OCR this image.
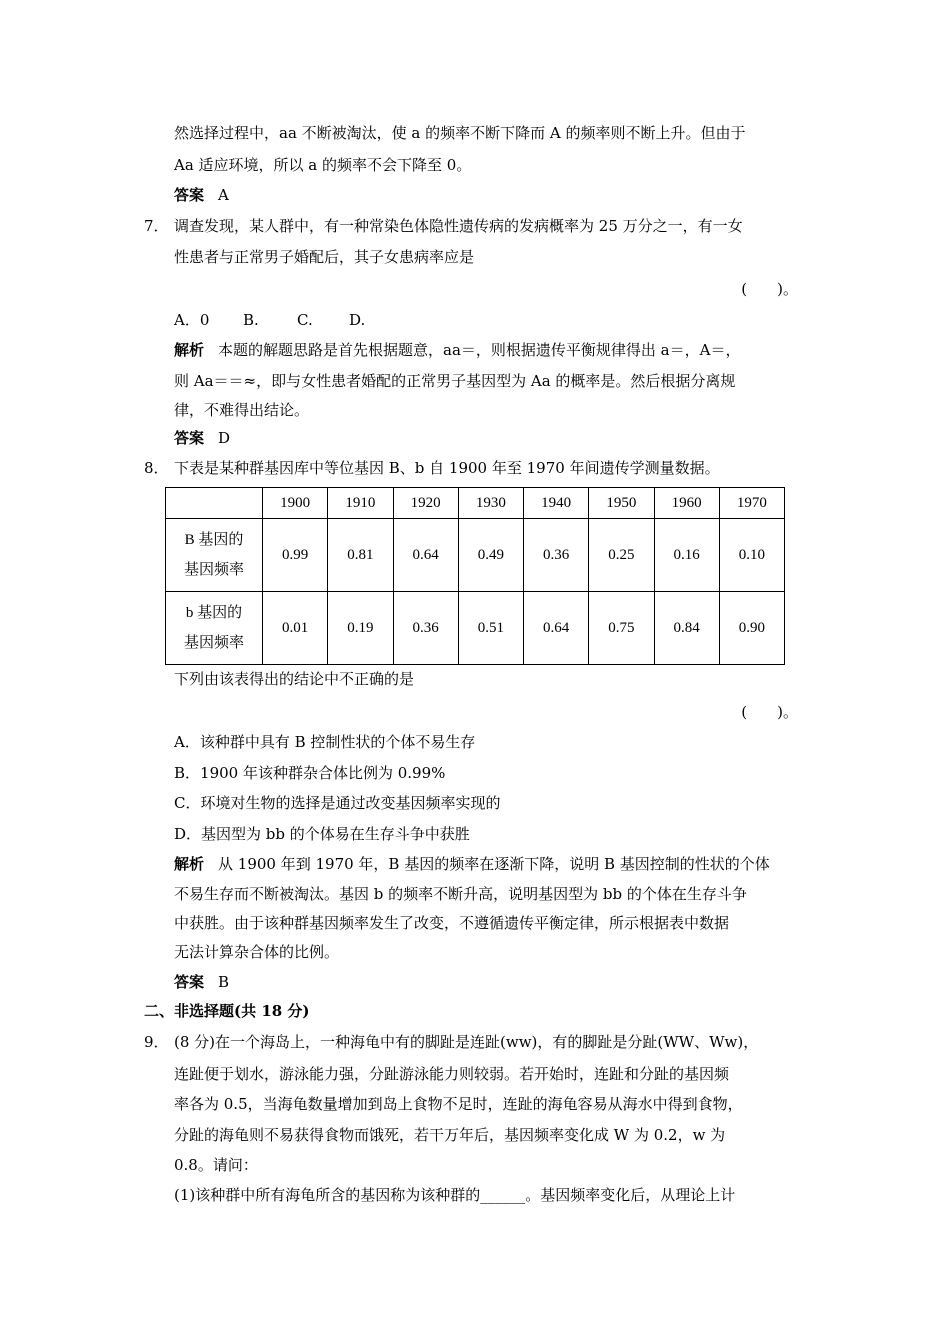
然选择过程中，aa 不断被淘汰，使 a 的频率不断下降而 A 的频率则不断上升。但由于
Aa 适应环境，所以 a 的频率不会下降至 0。
答案 A
7． 调查发现，某人群中，有一种常染色体隐性遗传病的发病概率为 25 万分之一，有一女
性患者与正常男子婚配后，其子女患病率应是
(　　)。
A．0 B.	C. D.
解析 本题的解题思路是首先根据题意，aa＝，则根据遗传平衡规律得出 a＝，A＝，
则 Aa＝＝≈，即与女性患者婚配的正常男子基因型为 Aa 的概率是。然后根据分离规
律，不难得出结论。
答案 D
8． 下表是某种群基因库中等位基因 B、b 自 1900 年至 1970 年间遗传学测量数据。
	1900	1910	1920	1930	1940	1950	1960	1970
B 基因的
基因频率	0.99	0.81	0.64	0.49	0.36	0.25	0.16	0.10
b 基因的
基因频率	0.01	0.19	0.36	0.51	0.64	0.75	0.84	0.90
下列由该表得出的结论中不正确的是
(　　)。
A．该种群中具有 B 控制性状的个体不易生存
B．1900 年该种群杂合体比例为 0.99%
C．环境对生物的选择是通过改变基因频率实现的
D．基因型为 bb 的个体易在生存斗争中获胜
解析 从 1900 年到 1970 年，B 基因的频率在逐渐下降，说明 B 基因控制的性状的个体
不易生存而不断被淘汰。基因 b 的频率不断升高，说明基因型为 bb 的个体在生存斗争
中获胜。由于该种群基因频率发生了改变，不遵循遗传平衡定律，所示根据表中数据
无法计算杂合体的比例。
答案 B
二、非选择题(共 18 分)
9． (8 分)在一个海岛上，一种海龟中有的脚趾是连趾(ww)，有的脚趾是分趾(WW、Ww)，
连趾便于划水，游泳能力强，分趾游泳能力则较弱。若开始时，连趾和分趾的基因频
率各为 0.5，当海龟数量增加到岛上食物不足时，连趾的海龟容易从海水中得到食物，
分趾的海龟则不易获得食物而饿死，若干万年后，基因频率变化成 W 为 0.2，w 为
0.8。请问：
(1)该种群中所有海龟所含的基因称为该种群的______。基因频率变化后，从理论上计
